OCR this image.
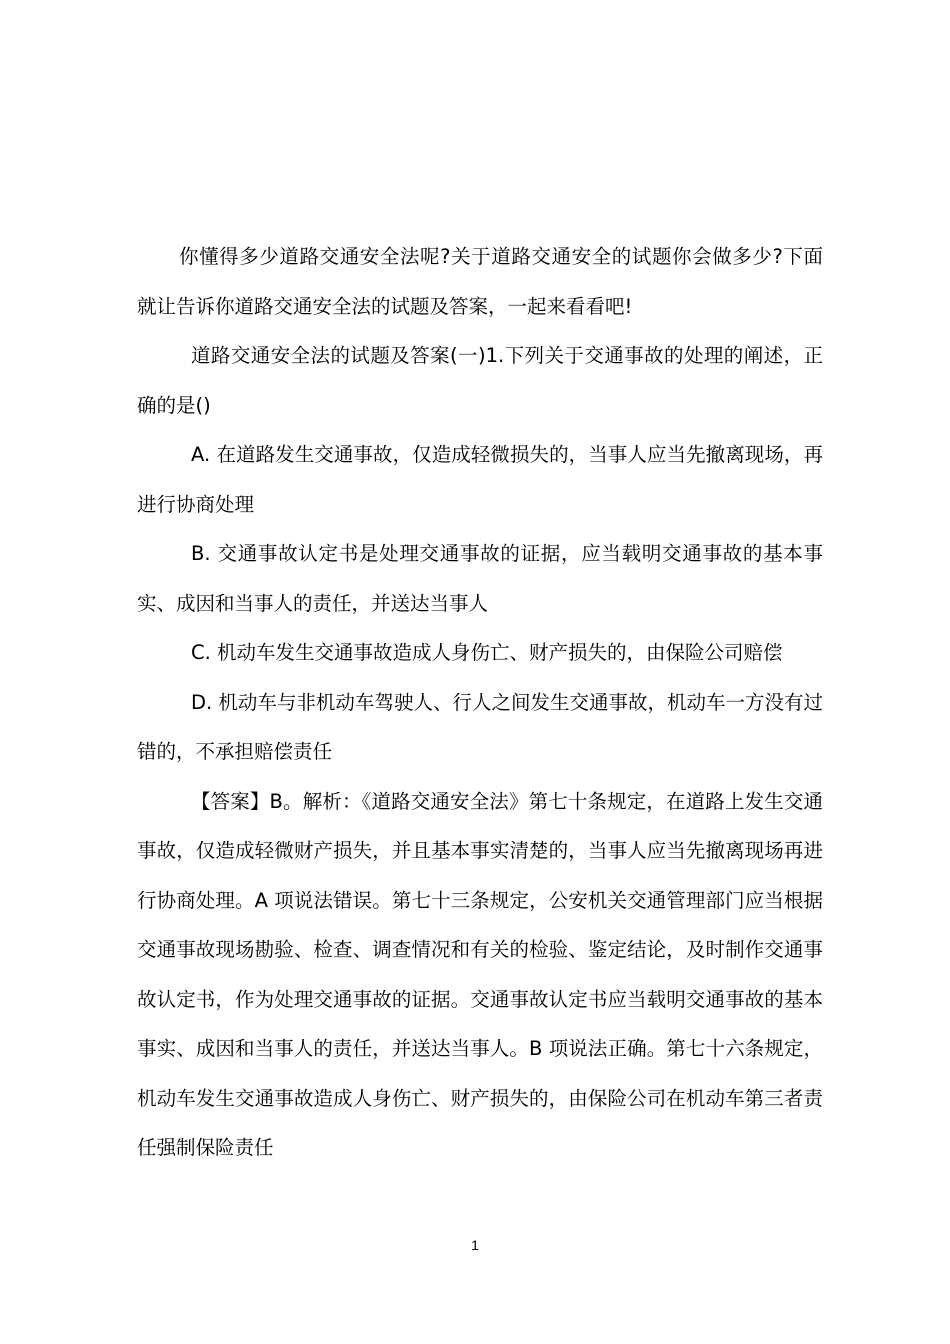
你懂得多少道路交通安全法呢?关于道路交通安全的试题你会做多少?下面就让告诉你道路交通安全法的试题及答案，一起来看看吧!

道路交通安全法的试题及答案(一)1.下列关于交通事故的处理的阐述，正确的是()

A. 在道路发生交通事故，仅造成轻微损失的，当事人应当先撤离现场，再进行协商处理

B. 交通事故认定书是处理交通事故的证据，应当载明交通事故的基本事实、成因和当事人的责任，并送达当事人

C. 机动车发生交通事故造成人身伤亡、财产损失的，由保险公司赔偿

D. 机动车与非机动车驾驶人、行人之间发生交通事故，机动车一方没有过错的，不承担赔偿责任

【答案】B。解析：《道路交通安全法》第七十条规定，在道路上发生交通事故，仅造成轻微财产损失，并且基本事实清楚的，当事人应当先撤离现场再进行协商处理。A 项说法错误。第七十三条规定，公安机关交通管理部门应当根据交通事故现场勘验、检查、调查情况和有关的检验、鉴定结论，及时制作交通事故认定书，作为处理交通事故的证据。交通事故认定书应当载明交通事故的基本事实、成因和当事人的责任，并送达当事人。B 项说法正确。第七十六条规定，机动车发生交通事故造成人身伤亡、财产损失的，由保险公司在机动车第三者责任强制保险责任

1
